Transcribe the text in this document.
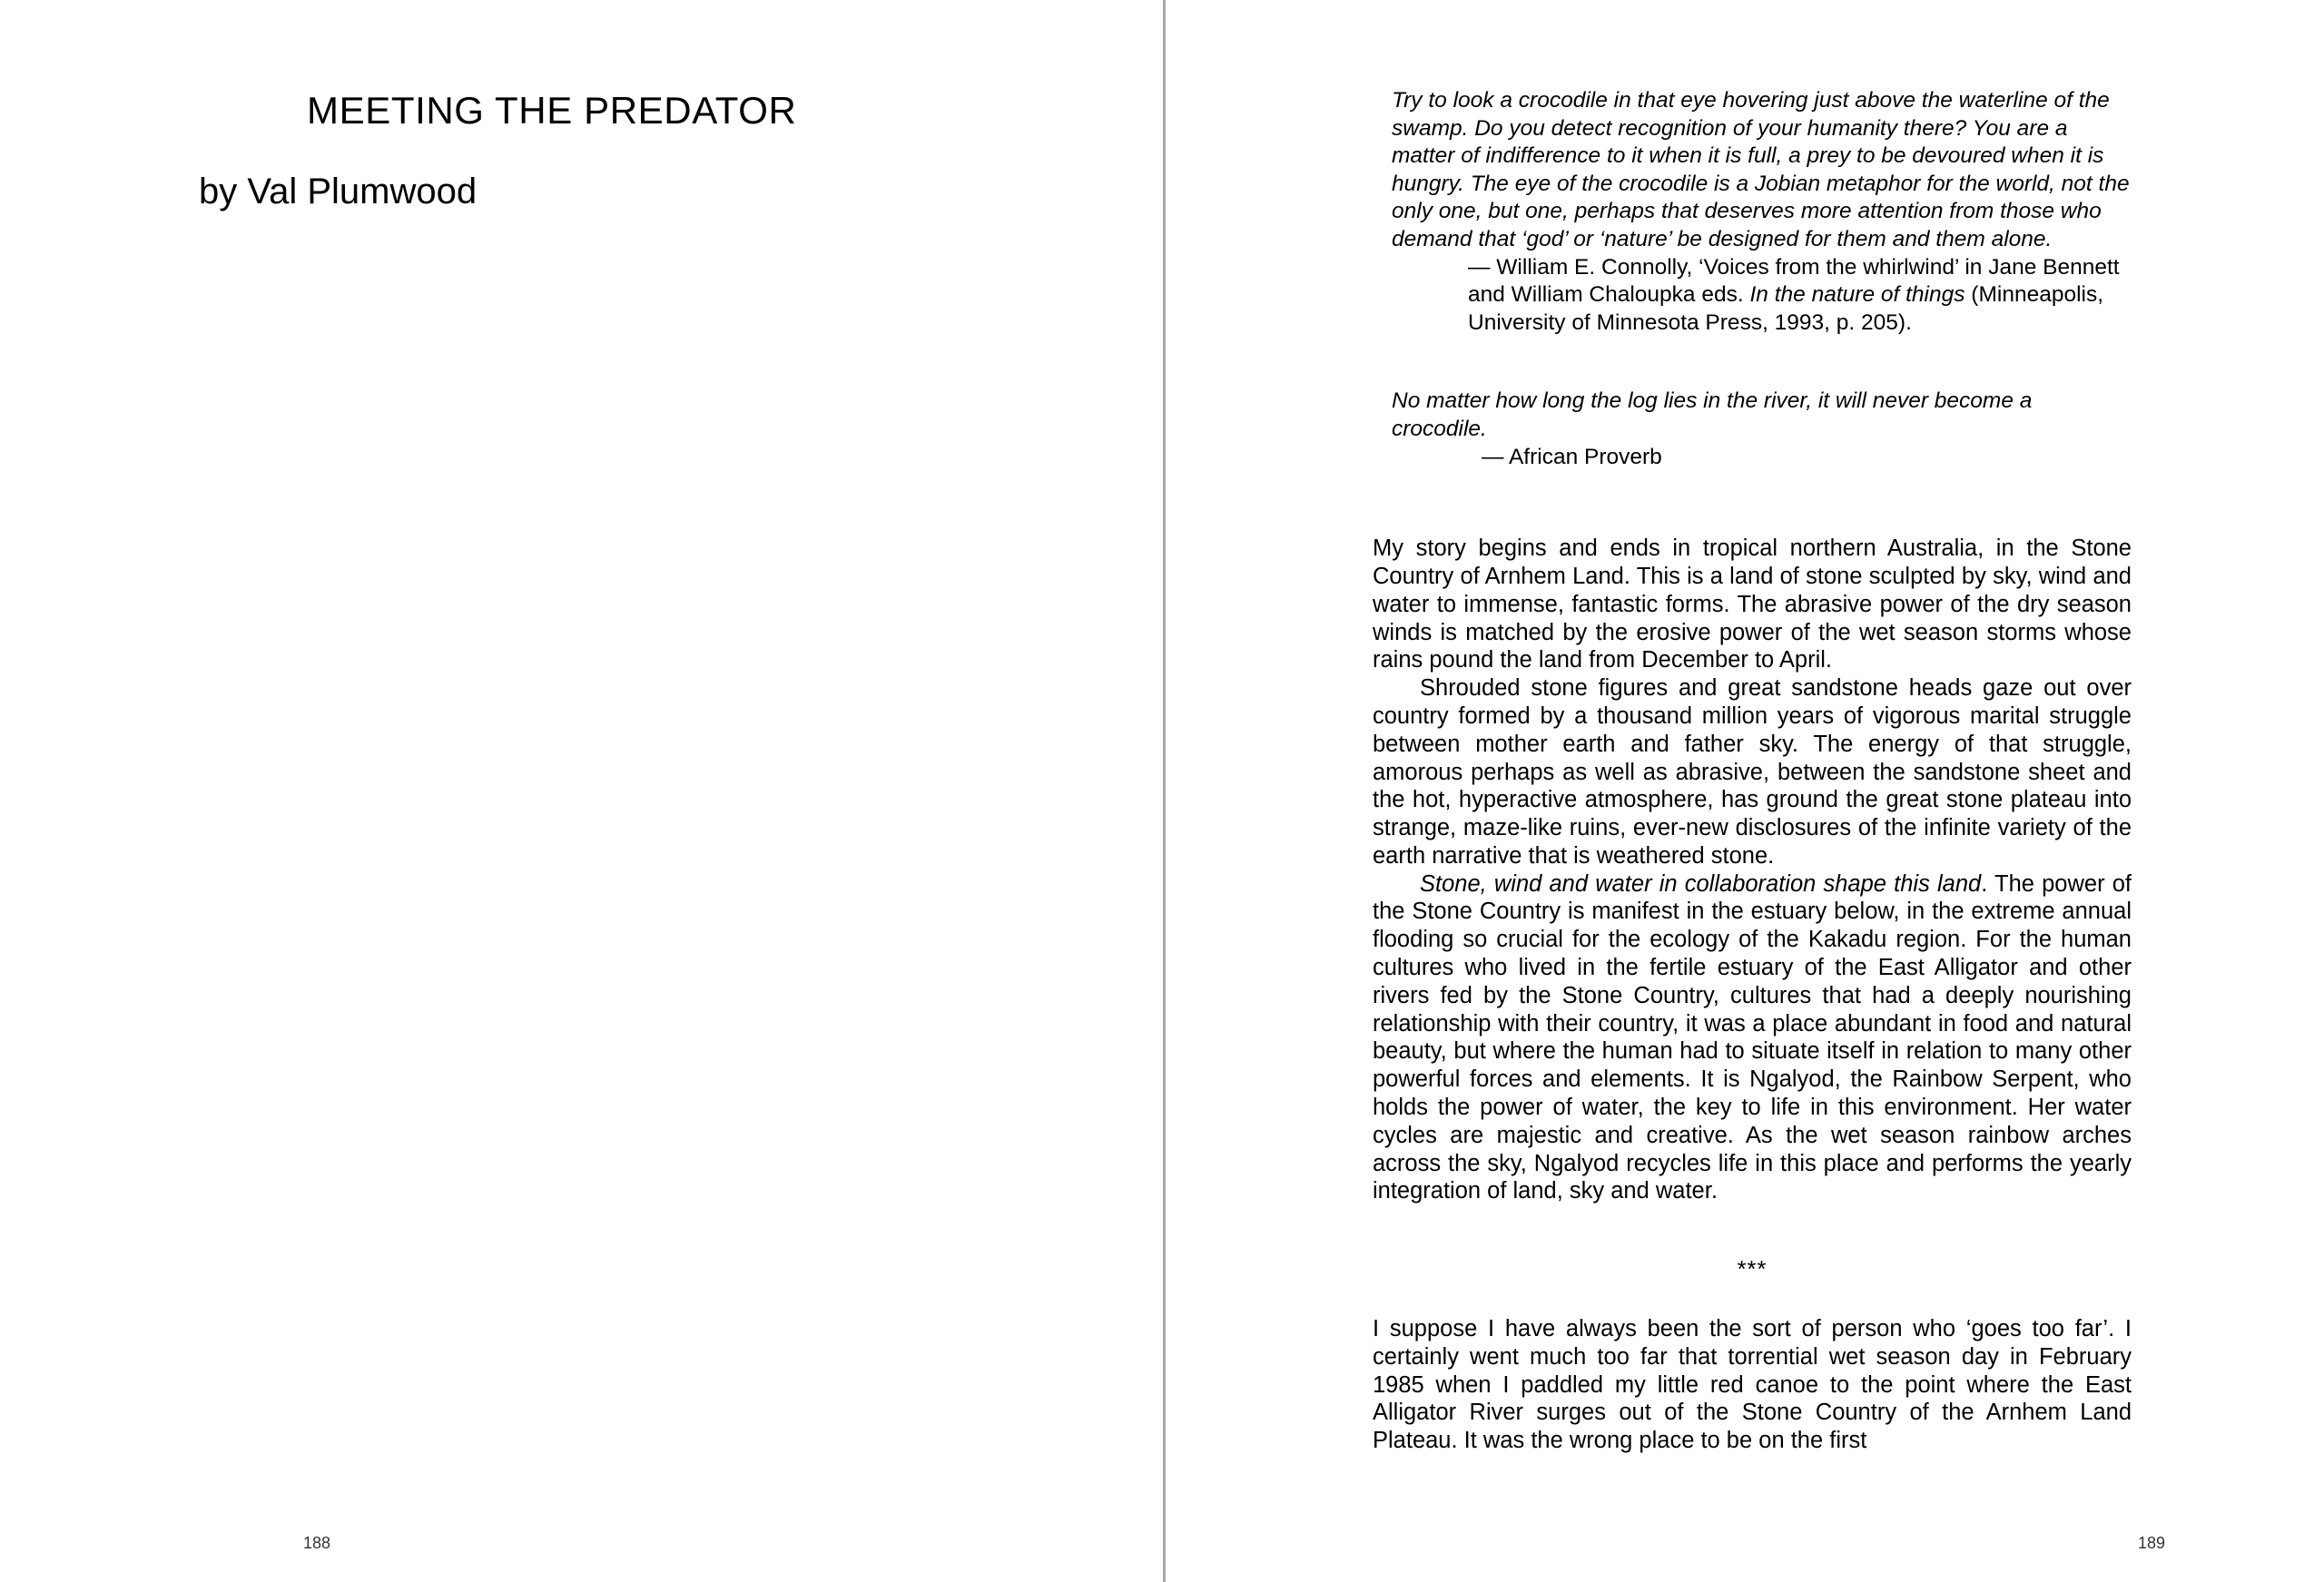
MEETING THE PREDATOR
by Val Plumwood
188

Try to look a crocodile in that eye hovering just above the waterline of the swamp. Do you detect recognition of your humanity there? You are a matter of indifference to it when it is full, a prey to be devoured when it is hungry. The eye of the crocodile is a Jobian metaphor for the world, not the only one, but one, perhaps that deserves more attention from those who demand that ‘god’ or ‘nature’ be designed for them and them alone.

— William E. Connolly, ‘Voices from the whirlwind’ in Jane Bennett and William Chaloupka eds. In the nature of things (Minneapolis, University of Minnesota Press, 1993, p. 205).

No matter how long the log lies in the river, it will never become a crocodile.

— African Proverb

My story begins and ends in tropical northern Australia, in the Stone Country of Arnhem Land. This is a land of stone sculpted by sky, wind and water to immense, fantastic forms. The abrasive power of the dry season winds is matched by the erosive power of the wet season storms whose rains pound the land from December to April.

Shrouded stone figures and great sandstone heads gaze out over country formed by a thousand million years of vigorous marital struggle between mother earth and father sky. The energy of that struggle, amorous perhaps as well as abrasive, between the sandstone sheet and the hot, hyperactive atmosphere, has ground the great stone plateau into strange, maze-like ruins, ever-new disclosures of the infinite variety of the earth narrative that is weathered stone.

Stone, wind and water in collaboration shape this land. The power of the Stone Country is manifest in the estuary below, in the extreme annual flooding so crucial for the ecology of the Kakadu region. For the human cultures who lived in the fertile estuary of the East Alligator and other rivers fed by the Stone Country, cultures that had a deeply nourishing relationship with their country, it was a place abundant in food and natural beauty, but where the human had to situate itself in relation to many other powerful forces and elements. It is Ngalyod, the Rainbow Serpent, who holds the power of water, the key to life in this environment. Her water cycles are majestic and creative. As the wet season rainbow arches across the sky, Ngalyod recycles life in this place and performs the yearly integration of land, sky and water.

***

I suppose I have always been the sort of person who ‘goes too far’. I certainly went much too far that torrential wet season day in February 1985 when I paddled my little red canoe to the point where the East Alligator River surges out of the Stone Country of the Arnhem Land Plateau. It was the wrong place to be on the first

189
